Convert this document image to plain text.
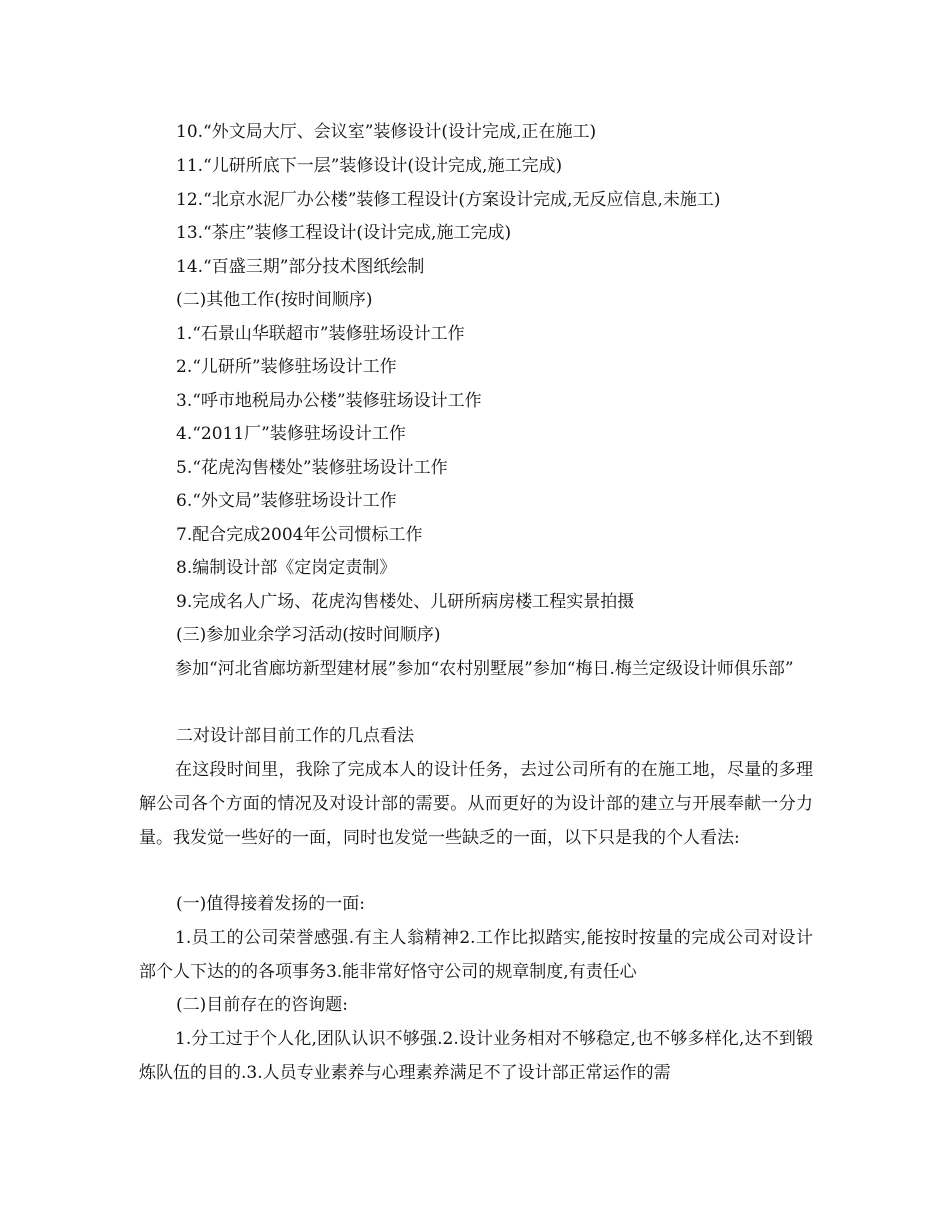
10.“外文局大厅、会议室”装修设计(设计完成,正在施工)
11.“儿研所底下一层”装修设计(设计完成,施工完成)
12.“北京水泥厂办公楼”装修工程设计(方案设计完成,无反应信息,未施工)
13.“茶庄”装修工程设计(设计完成,施工完成)
14.“百盛三期”部分技术图纸绘制
(二)其他工作(按时间顺序)
1.“石景山华联超市”装修驻场设计工作
2.“儿研所”装修驻场设计工作
3.“呼市地税局办公楼”装修驻场设计工作
4.“2011厂”装修驻场设计工作
5.“花虎沟售楼处”装修驻场设计工作
6.“外文局”装修驻场设计工作
7.配合完成2004年公司惯标工作
8.编制设计部《定岗定责制》
9.完成名人广场、花虎沟售楼处、儿研所病房楼工程实景拍摄
(三)参加业余学习活动(按时间顺序)
参加“河北省廊坊新型建材展”参加“农村别墅展”参加“梅日.梅兰定级设计师俱乐部”
二对设计部目前工作的几点看法
在这段时间里，我除了完成本人的设计任务，去过公司所有的在施工地，尽量的多理解公司各个方面的情况及对设计部的需要。从而更好的为设计部的建立与开展奉献一分力量。我发觉一些好的一面，同时也发觉一些缺乏的一面，以下只是我的个人看法:
(一)值得接着发扬的一面:
1.员工的公司荣誉感强.有主人翁精神2.工作比拟踏实,能按时按量的完成公司对设计部个人下达的的各项事务3.能非常好恪守公司的规章制度,有责任心
(二)目前存在的咨询题:
1.分工过于个人化,团队认识不够强.2.设计业务相对不够稳定,也不够多样化,达不到锻炼队伍的目的.3.人员专业素养与心理素养满足不了设计部正常运作的需
